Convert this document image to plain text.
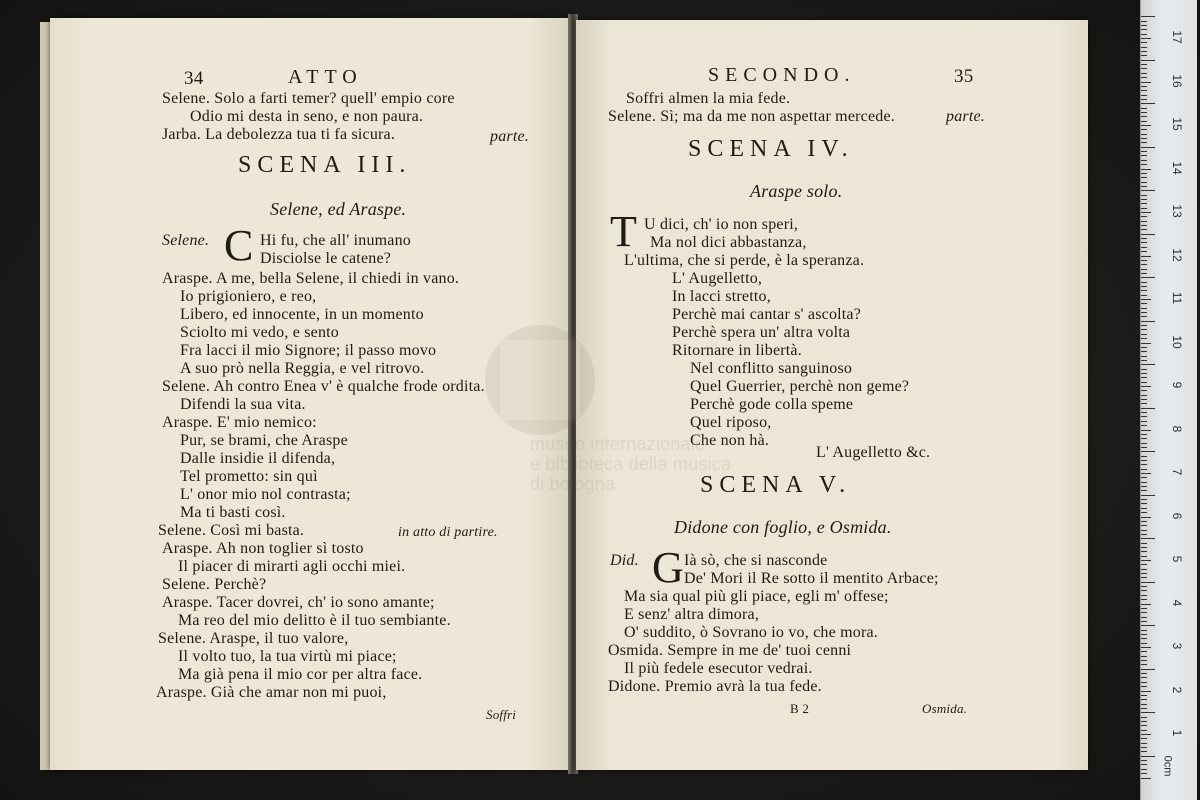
34	ATTO
Selene. Solo a farti temer? quell' empio core
Odio mi desta in seno, e non paura.
Jarba. La debolezza tua ti fa sicura.	parte.
SCENA III.
Selene, ed Araspe.
Selene. C Hi fu, che all' inumano
Disciolse le catene?
Araspe. A me, bella Selene, il chiedi in vano.
Io prigioniero, e reo,
Libero, ed innocente, in un momento
Sciolto mi vedo, e sento
Fra lacci il mio Signore; il passo movo
A suo prò nella Reggia, e vel ritrovo.
Selene. Ah contro Enea v' è qualche frode ordita.
Difendi la sua vita.
Araspe. E' mio nemico:
Pur, se brami, che Araspe
Dalle insidie il difenda,
Tel prometto: sin quì
L' onor mio nol contrasta;
Ma ti basti così.
Selene. Così mi basta.	in atto di partire.
Araspe. Ah non toglier sì tosto
Il piacer di mirarti agli occhi miei.
Selene. Perchè?
Araspe. Tacer dovrei, ch' io sono amante;
Ma reo del mio delitto è il tuo sembiante.
Selene. Araspe, il tuo valore,
Il volto tuo, la tua virtù mi piace;
Ma già pena il mio cor per altra face.
Araspe. Già che amar non mi puoi,
Soffri
SECONDO.	35
Soffri almen la mia fede.
Selene. Sì; ma da me non aspettar mercede.	parte.
SCENA IV.
Araspe solo.
T U dici, ch' io non speri,
Ma nol dici abbastanza,
L'ultima, che si perde, è la speranza.
L' Augelletto,
In lacci stretto,
Perchè mai cantar s' ascolta?
Perchè spera un' altra volta
Ritornare in libertà.
Nel conflitto sanguinoso
Quel Guerrier, perchè non geme?
Perchè gode colla speme
Quel riposo,
Che non hà.
L' Augelletto &c.
SCENA V.
Didone con foglio, e Osmida.
Did. G Ià sò, che si nasconde
De' Mori il Re sotto il mentito Arbace;
Ma sia qual più gli piace, egli m' offese;
E senz' altra dimora,
O' suddito, ò Sovrano io vo, che mora.
Osmida. Sempre in me de' tuoi cenni
Il più fedele esecutor vedrai.
Didone. Premio avrà la tua fede.
B 2	Osmida.
museo internazionale
e biblioteca della musica
di bologna
17
16
15
14
13
12
11
10
9
8
7
6
5
4
3
2
1
0cm
